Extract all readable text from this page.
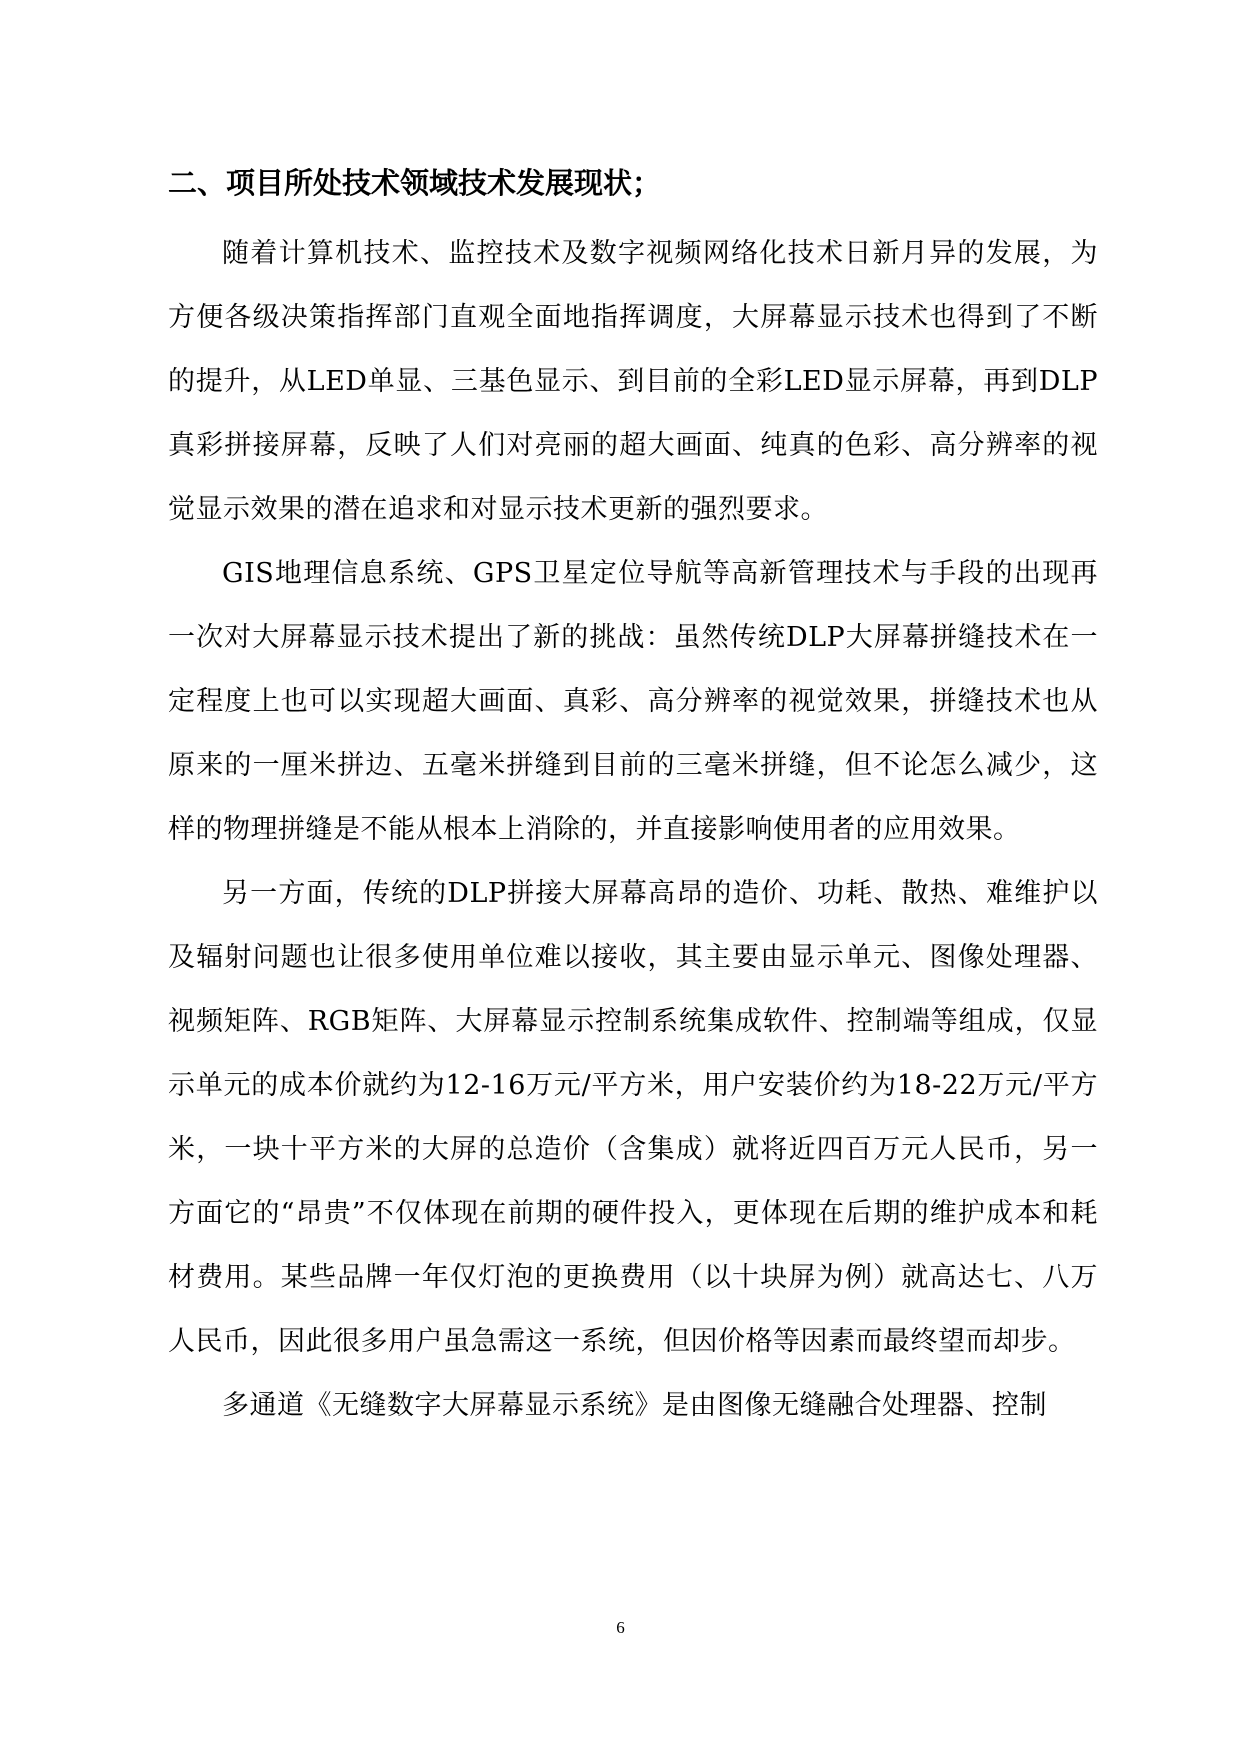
二、项目所处技术领域技术发展现状；

随着计算机技术、监控技术及数字视频网络化技术日新月异的发展，为方便各级决策指挥部门直观全面地指挥调度，大屏幕显示技术也得到了不断的提升，从LED单显、三基色显示、到目前的全彩LED显示屏幕，再到DLP真彩拼接屏幕，反映了人们对亮丽的超大画面、纯真的色彩、高分辨率的视觉显示效果的潜在追求和对显示技术更新的强烈要求。

GIS地理信息系统、GPS卫星定位导航等高新管理技术与手段的出现再一次对大屏幕显示技术提出了新的挑战：虽然传统DLP大屏幕拼缝技术在一定程度上也可以实现超大画面、真彩、高分辨率的视觉效果，拼缝技术也从原来的一厘米拼边、五毫米拼缝到目前的三毫米拼缝，但不论怎么减少，这样的物理拼缝是不能从根本上消除的，并直接影响使用者的应用效果。

另一方面，传统的DLP拼接大屏幕高昂的造价、功耗、散热、难维护以及辐射问题也让很多使用单位难以接收，其主要由显示单元、图像处理器、视频矩阵、RGB矩阵、大屏幕显示控制系统集成软件、控制端等组成，仅显示单元的成本价就约为12-16万元/平方米，用户安装价约为18-22万元/平方米，一块十平方米的大屏的总造价（含集成）就将近四百万元人民币，另一方面它的“昂贵”不仅体现在前期的硬件投入，更体现在后期的维护成本和耗材费用。某些品牌一年仅灯泡的更换费用（以十块屏为例）就高达七、八万人民币，因此很多用户虽急需这一系统，但因价格等因素而最终望而却步。

多通道《无缝数字大屏幕显示系统》是由图像无缝融合处理器、控制

6
